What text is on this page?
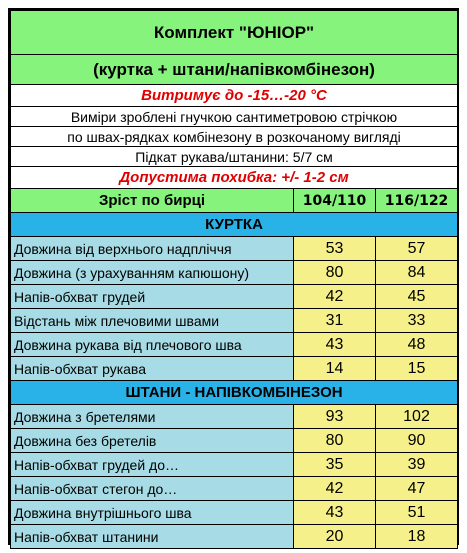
Комплект "ЮНІОР"		
(куртка + штани/напівкомбінезон)		
Витримує до -15…-20 °C		
Виміри зроблені гнучкою сантиметровою стрічкою		
по швах-рядках комбінезону в розкочаному вигляді		
Підкат рукава/штанини: 5/7 см		
Допустима похибка: +/- 1-2 см		
Зріст по бирці	104/110	116/122
КУРТКА		
Довжина від верхнього надпліччя	53	57
Довжина (з урахуванням капюшону)	80	84
Напів-обхват грудей	42	45
Відстань між плечовими швами	31	33
Довжина рукава від плечового шва	43	48
Напів-обхват рукава	14	15
ШТАНИ - НАПІВКОМБІНЕЗОН		
Довжина з бретелями	93	102
Довжина без бретелів	80	90
Напів-обхват грудей до…	35	39
Напів-обхват стегон до…	42	47
Довжина внутрішнього шва	43	51
Напів-обхват штанини	20	18
